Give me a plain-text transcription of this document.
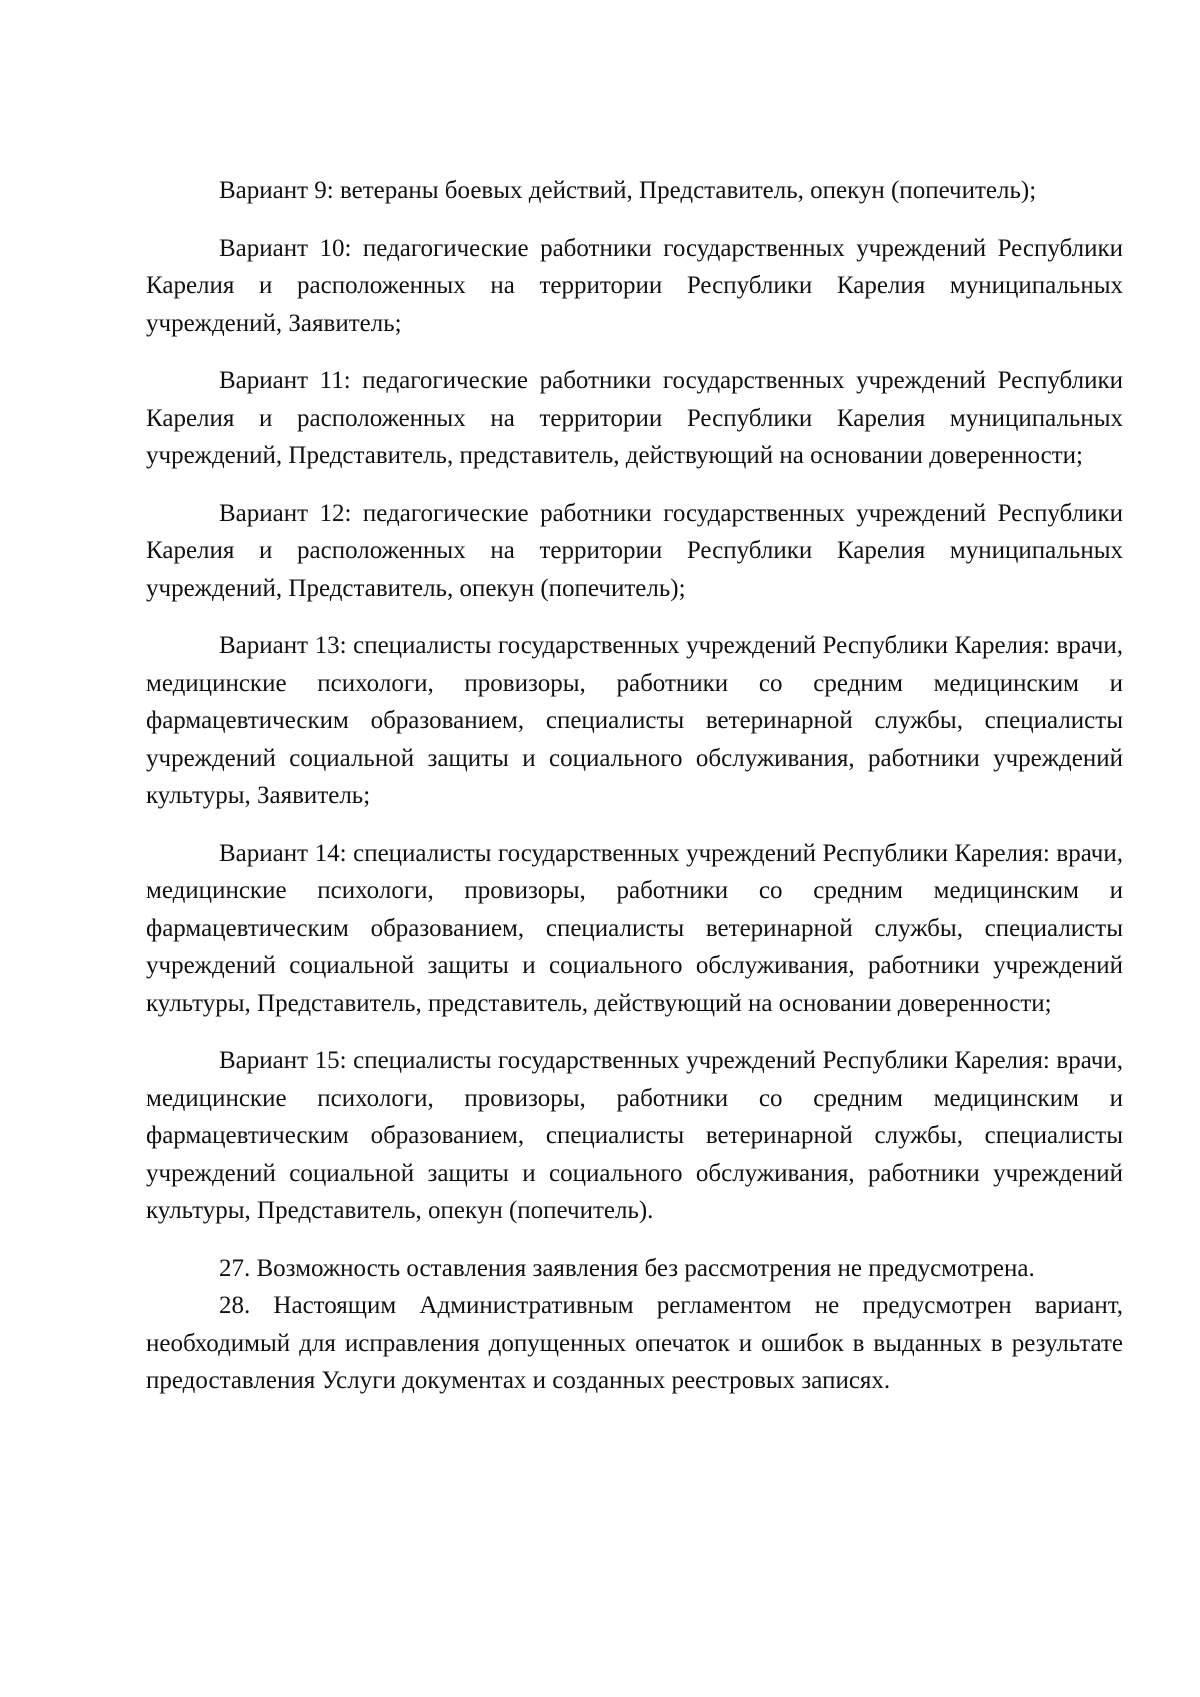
Вариант 9: ветераны боевых действий, Представитель, опекун (попечитель);

Вариант 10: педагогические работники государственных учреждений Республики Карелия и расположенных на территории Республики Карелия муниципальных учреждений, Заявитель;

Вариант 11: педагогические работники государственных учреждений Республики Карелия и расположенных на территории Республики Карелия муниципальных учреждений, Представитель, представитель, действующий на основании доверенности;

Вариант 12: педагогические работники государственных учреждений Республики Карелия и расположенных на территории Республики Карелия муниципальных учреждений, Представитель, опекун (попечитель);

Вариант 13: специалисты государственных учреждений Республики Карелия: врачи, медицинские психологи, провизоры, работники со средним медицинским и фармацевтическим образованием, специалисты ветеринарной службы, специалисты учреждений социальной защиты и социального обслуживания, работники учреждений культуры, Заявитель;

Вариант 14: специалисты государственных учреждений Республики Карелия: врачи, медицинские психологи, провизоры, работники со средним медицинским и фармацевтическим образованием, специалисты ветеринарной службы, специалисты учреждений социальной защиты и социального обслуживания, работники учреждений культуры, Представитель, представитель, действующий на основании доверенности;

Вариант 15: специалисты государственных учреждений Республики Карелия: врачи, медицинские психологи, провизоры, работники со средним медицинским и фармацевтическим образованием, специалисты ветеринарной службы, специалисты учреждений социальной защиты и социального обслуживания, работники учреждений культуры, Представитель, опекун (попечитель).

27. Возможность оставления заявления без рассмотрения не предусмотрена.

28. Настоящим Административным регламентом не предусмотрен вариант, необходимый для исправления допущенных опечаток и ошибок в выданных в результате предоставления Услуги документах и созданных реестровых записях.
